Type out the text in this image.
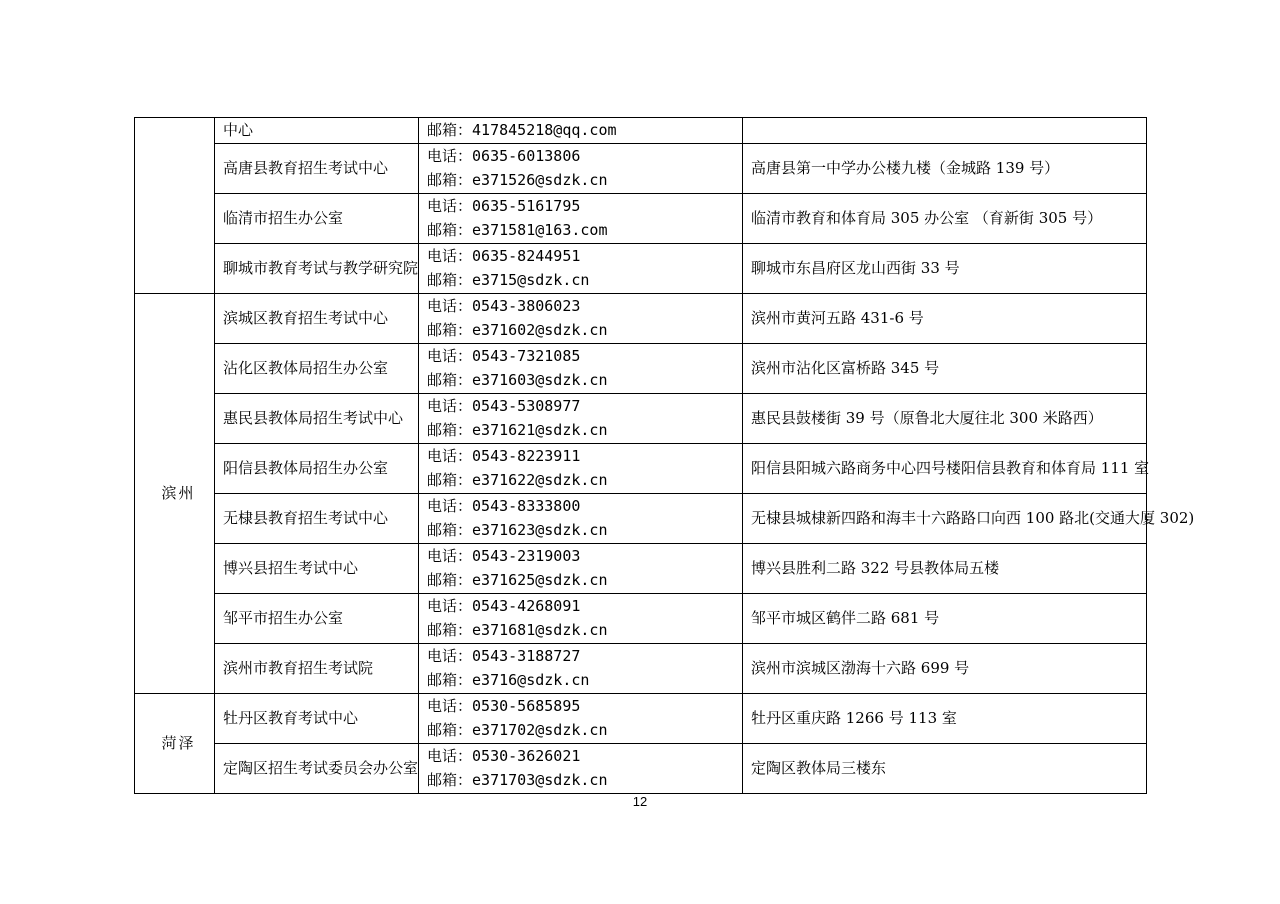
	中心	邮箱：417845218@qq.com	

	高唐县教育招生考试中心	电话：0635-6013806
邮箱：e371526@sdzk.cn	高唐县第一中学办公楼九楼（金城路 139 号）
	临清市招生办公室	电话：0635-5161795
邮箱：e371581@163.com	临清市教育和体育局 305 办公室 （育新街 305 号）
	聊城市教育考试与教学研究院	电话：0635-8244951
邮箱：e3715@sdzk.cn	聊城市东昌府区龙山西街 33 号
滨州	滨城区教育招生考试中心	电话：0543-3806023
邮箱：e371602@sdzk.cn	滨州市黄河五路 431-6 号
	沾化区教体局招生办公室	电话：0543-7321085
邮箱：e371603@sdzk.cn	滨州市沾化区富桥路 345 号
	惠民县教体局招生考试中心	电话：0543-5308977
邮箱：e371621@sdzk.cn	惠民县鼓楼街 39 号（原鲁北大厦往北 300 米路西）
	阳信县教体局招生办公室	电话：0543-8223911
邮箱：e371622@sdzk.cn	阳信县阳城六路商务中心四号楼阳信县教育和体育局 111 室
	无棣县教育招生考试中心	电话：0543-8333800
邮箱：e371623@sdzk.cn	无棣县城棣新四路和海丰十六路路口向西 100 路北(交通大厦 302)
	博兴县招生考试中心	电话：0543-2319003
邮箱：e371625@sdzk.cn	博兴县胜利二路 322 号县教体局五楼
	邹平市招生办公室	电话：0543-4268091
邮箱：e371681@sdzk.cn	邹平市城区鹤伴二路 681 号
	滨州市教育招生考试院	电话：0543-3188727
邮箱：e3716@sdzk.cn	滨州市滨城区渤海十六路 699 号
菏泽	牡丹区教育考试中心	电话：0530-5685895
邮箱：e371702@sdzk.cn	牡丹区重庆路 1266 号 113 室
	定陶区招生考试委员会办公室	电话：0530-3626021
邮箱：e371703@sdzk.cn	定陶区教体局三楼东
12
